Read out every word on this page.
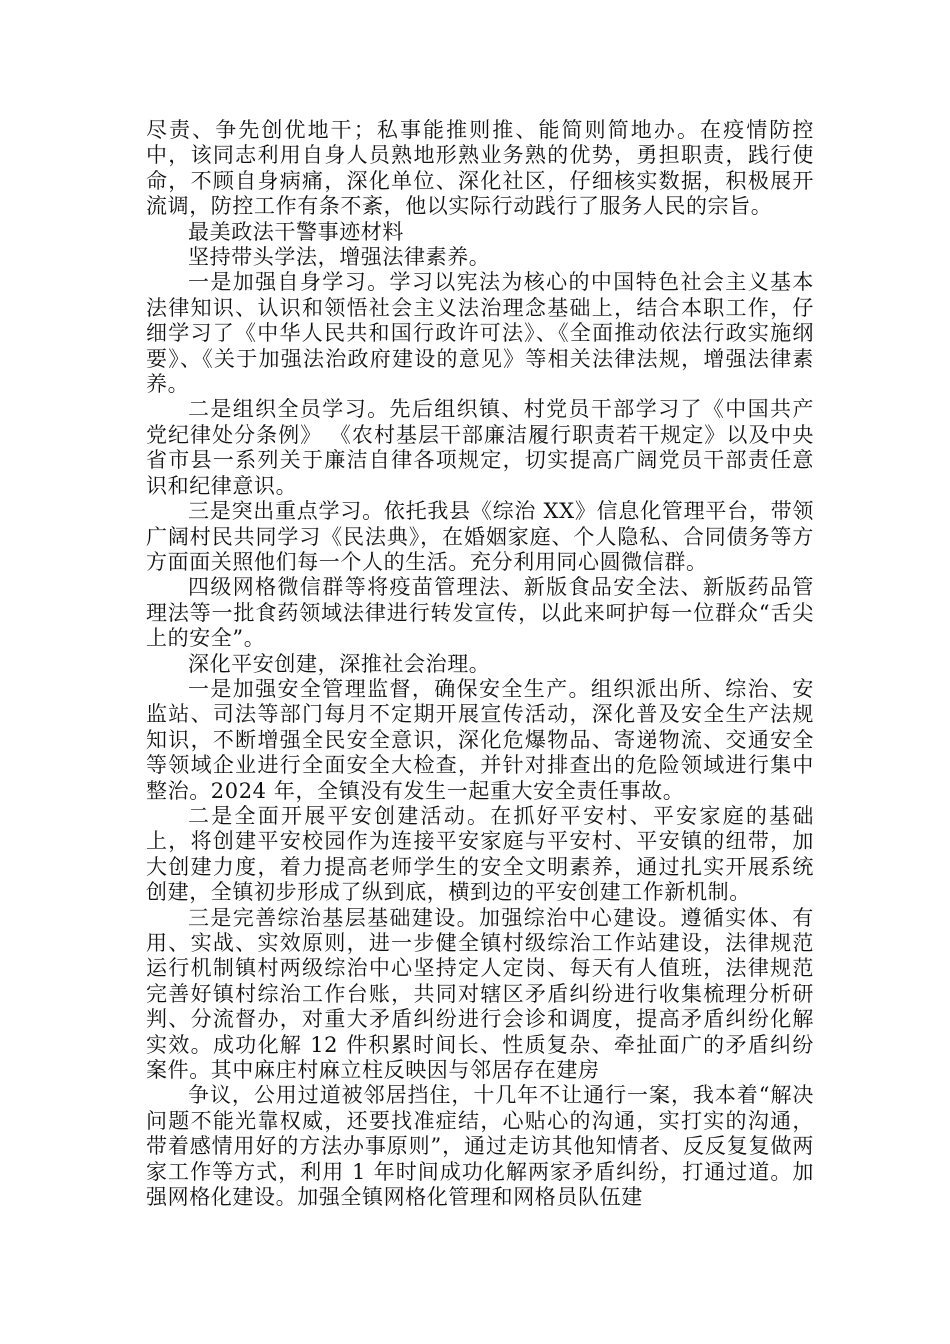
尽责、争先创优地干；私事能推则推、能简则简地办。在疫情防控中，该同志利用自身人员熟地形熟业务熟的优势，勇担职责，践行使命，不顾自身病痛，深化单位、深化社区，仔细核实数据，积极展开流调，防控工作有条不紊，他以实际行动践行了服务人民的宗旨。

最美政法干警事迹材料

坚持带头学法，增强法律素养。

一是加强自身学习。学习以宪法为核心的中国特色社会主义基本法律知识、认识和领悟社会主义法治理念基础上，结合本职工作，仔细学习了《中华人民共和国行政许可法》、《全面推动依法行政实施纲要》、《关于加强法治政府建设的意见》等相关法律法规，增强法律素养。

二是组织全员学习。先后组织镇、村党员干部学习了《中国共产党纪律处分条例》 《农村基层干部廉洁履行职责若干规定》以及中央省市县一系列关于廉洁自律各项规定，切实提高广阔党员干部责任意识和纪律意识。

三是突出重点学习。依托我县《综治 XX》信息化管理平台，带领广阔村民共同学习《民法典》，在婚姻家庭、个人隐私、合同债务等方方面面关照他们每一个人的生活。充分利用同心圆微信群。

四级网格微信群等将疫苗管理法、新版食品安全法、新版药品管理法等一批食药领域法律进行转发宣传，以此来呵护每一位群众“舌尖上的安全”。

深化平安创建，深推社会治理。

一是加强安全管理监督，确保安全生产。组织派出所、综治、安监站、司法等部门每月不定期开展宣传活动，深化普及安全生产法规知识，不断增强全民安全意识，深化危爆物品、寄递物流、交通安全等领域企业进行全面安全大检查，并针对排查出的危险领域进行集中整治。2024 年，全镇没有发生一起重大安全责任事故。

二是全面开展平安创建活动。在抓好平安村、平安家庭的基础上，将创建平安校园作为连接平安家庭与平安村、平安镇的纽带，加大创建力度，着力提高老师学生的安全文明素养，通过扎实开展系统创建，全镇初步形成了纵到底，横到边的平安创建工作新机制。

三是完善综治基层基础建设。加强综治中心建设。遵循实体、有用、实战、实效原则，进一步健全镇村级综治工作站建设，法律规范运行机制镇村两级综治中心坚持定人定岗、每天有人值班，法律规范完善好镇村综治工作台账，共同对辖区矛盾纠纷进行收集梳理分析研判、分流督办，对重大矛盾纠纷进行会诊和调度，提高矛盾纠纷化解实效。成功化解 12 件积累时间长、性质复杂、牵扯面广的矛盾纠纷案件。其中麻庄村麻立柱反映因与邻居存在建房

争议，公用过道被邻居挡住，十几年不让通行一案，我本着“解决问题不能光靠权威，还要找准症结，心贴心的沟通，实打实的沟通，带着感情用好的方法办事原则”，通过走访其他知情者、反反复复做两家工作等方式，利用 1 年时间成功化解两家矛盾纠纷，打通过道。加强网格化建设。加强全镇网格化管理和网格员队伍建
